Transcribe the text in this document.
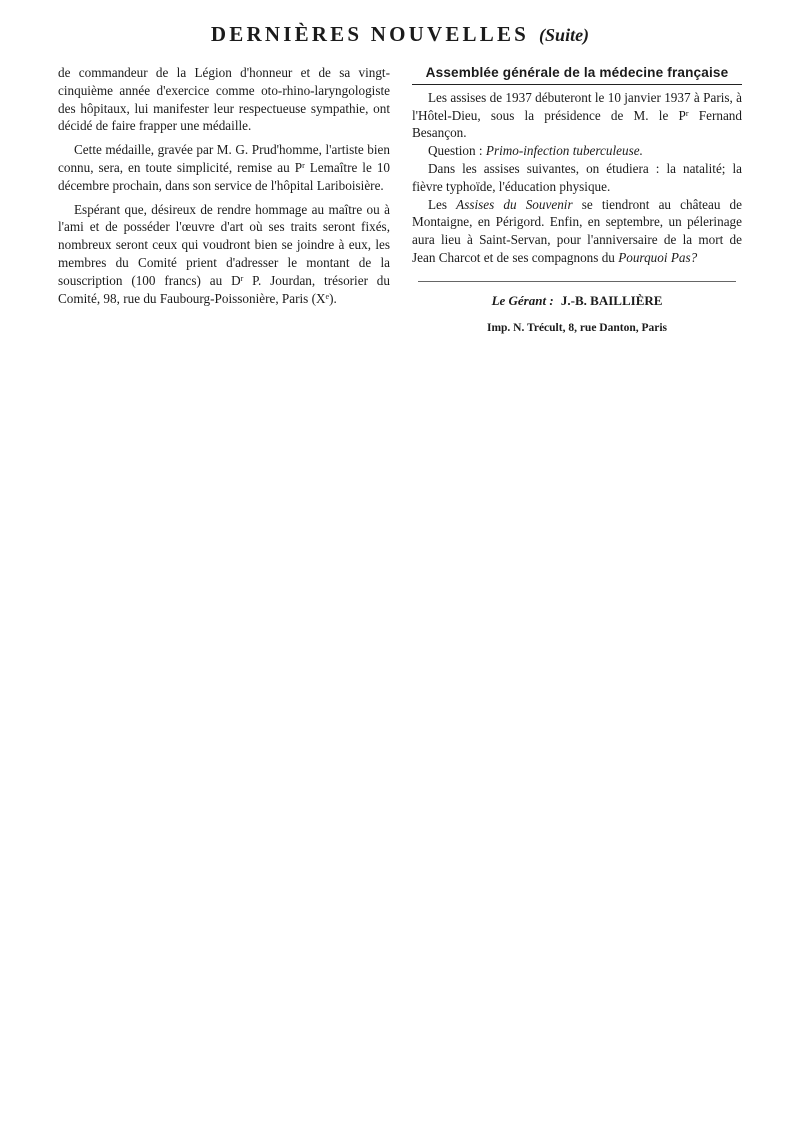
DERNIÈRES NOUVELLES (Suite)

de commandeur de la Légion d'honneur et de sa vingt-cinquième année d'exercice comme oto-rhino-laryngologiste des hôpitaux, lui manifester leur respectueuse sympathie, ont décidé de faire frapper une médaille.

Cette médaille, gravée par M. G. Prud'homme, l'artiste bien connu, sera, en toute simplicité, remise au $P^r$ Lemaître le 10 décembre prochain, dans son service de l'hôpital Lariboisière.

Espérant que, désireux de rendre hommage au maître ou à l'ami et de posséder l'œuvre d'art où ses traits seront fixés, nombreux seront ceux qui voudront bien se joindre à eux, les membres du Comité prient d'adresser le montant de la souscription (100 francs) au $D^r$ P. Jourdan, trésorier du Comité, 98, rue du Faubourg-Poissonière, Paris (Xe).

Assemblée générale de la médecine française

Les assises de 1937 débuteront le 10 janvier 1937 à Paris, à l'Hôtel-Dieu, sous la présidence de M. le $P^r$ Fernand Besançon.

Question : Primo-infection tuberculeuse.

Dans les assises suivantes, on étudiera : la natalité; la fièvre typhoïde, l'éducation physique.

Les Assises du Souvenir se tiendront au château de Montaigne, en Périgord. Enfin, en septembre, un pélerinage aura lieu à Saint-Servan, pour l'anniversaire de la mort de Jean Charcot et de ses compagnons du Pourquoi Pas?

Le Gérant : J.-B. BAILLIÈRE
Imp. N. Trécult, 8, rue Danton, Paris
